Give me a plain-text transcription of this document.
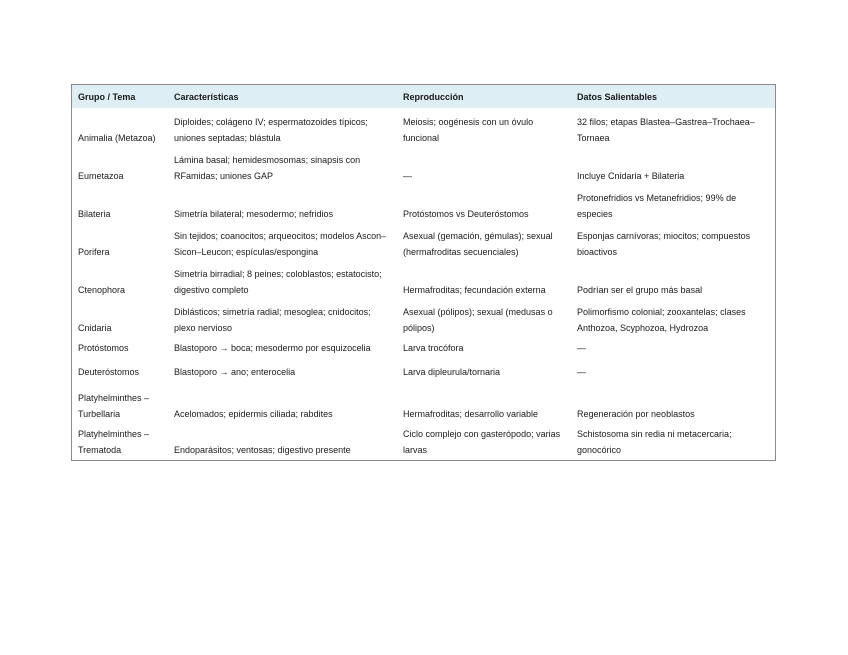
Grupo / Tema	Características	Reproducción	Datos Salientables
Animalia (Metazoa)	Diploides; colágeno IV; espermatozoides típicos; uniones septadas; blástula	Meiosis; oogénesis con un óvulo funcional	32 filos; etapas Blastea–Gastrea–Trochaea–Tornaea
Eumetazoa	Lámina basal; hemidesmosomas; sinapsis con RFamidas; uniones GAP	—	Incluye Cnidaria + Bilateria
Bilateria	Simetría bilateral; mesodermo; nefridios	Protóstomos vs Deuteróstomos	Protonefridios vs Metanefridios; 99% de especies
Porifera	Sin tejidos; coanocitos; arqueocitos; modelos Ascon–Sicon–Leucon; espículas/espongina	Asexual (gemación, gémulas); sexual (hermafroditas secuenciales)	Esponjas carnívoras; miocitos; compuestos bioactivos
Ctenophora	Simetría birradial; 8 peines; coloblastos; estatocisto; digestivo completo	Hermafroditas; fecundación externa	Podrían ser el grupo más basal
Cnidaria	Diblásticos; simetría radial; mesoglea; cnidocitos; plexo nervioso	Asexual (pólipos); sexual (medusas o pólipos)	Polimorfismo colonial; zooxantelas; clases Anthozoa, Scyphozoa, Hydrozoa
Protóstomos	Blastoporo → boca; mesodermo por esquizocelia	Larva trocófora	—
Deuteróstomos	Blastoporo → ano; enterocelia	Larva dipleurula/tornaria	—
Platyhelminthes – Turbellaria	Acelomados; epidermis ciliada; rabdites	Hermafroditas; desarrollo variable	Regeneración por neoblastos
Platyhelminthes – Trematoda	Endoparásitos; ventosas; digestivo presente	Ciclo complejo con gasterópodo; varias larvas	Schistosoma sin redia ni metacercaria; gonocórico
